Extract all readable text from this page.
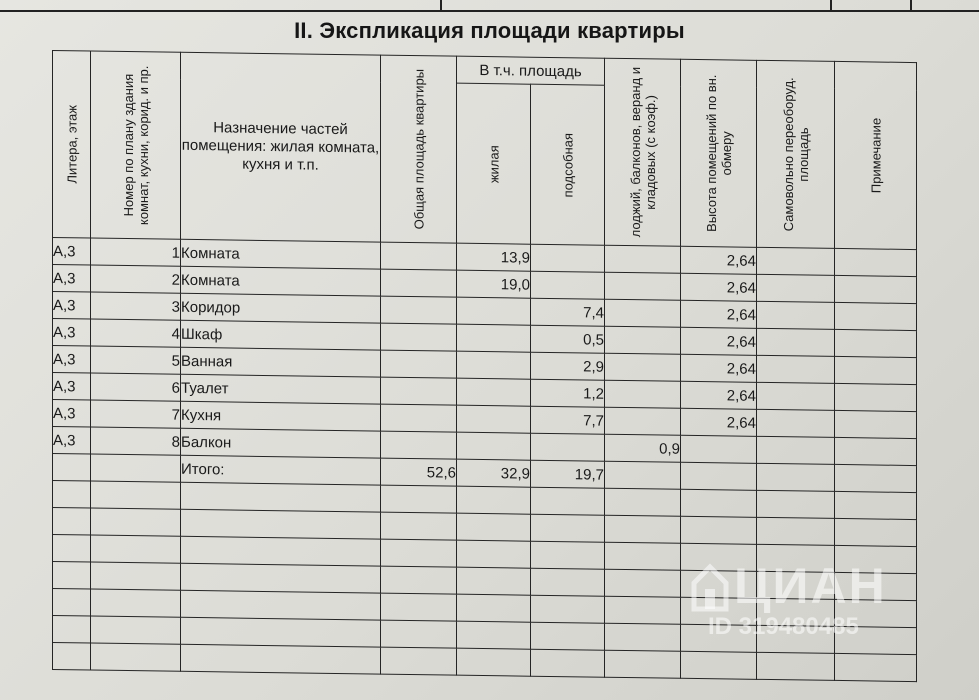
II. Экспликация площади квартиры
Литера, этаж	Номер по плану здания комнат, кухни, корид. и пр.	Назначение частей помещения: жилая комната, кухня и т.п.	Общая площадь квартиры	В т.ч. площадь		лоджий, балконов, веранд и кладовых (с коэф.)	Высота помещений по вн. обмеру	Самовольно переоборуд. площадь	Примечание

				жилая	подсобная				

А,3	1	Комната		13,9			2,64		
А,3	2	Комната		19,0			2,64		
А,3	3	Коридор			7,4		2,64		
А,3	4	Шкаф			0,5		2,64		
А,3	5	Ванная			2,9		2,64		
А,3	6	Туалет			1,2		2,64		
А,3	7	Кухня			7,7		2,64		
А,3	8	Балкон				0,9			
		Итого:	52,6	32,9	19,7				

ЦИАН
ID 319480485
